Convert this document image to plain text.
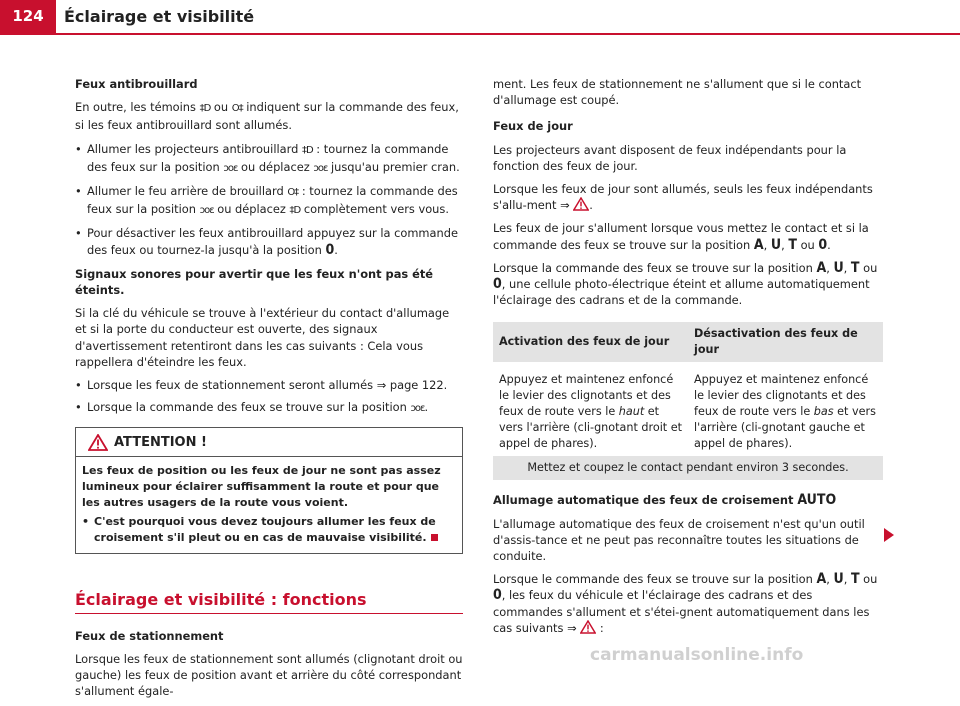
124	Éclairage et visibilité

Feux antibrouillard

En outre, les témoins ‡D ou O‡ indiquent sur la commande des feux, si les feux antibrouillard sont allumés.

• Allumer les projecteurs antibrouillard ‡D : tournez la commande des feux sur la position ɔoɛ ou déplacez ɔoɛ jusqu'au premier cran.
• Allumer le feu arrière de brouillard O‡ : tournez la commande des feux sur la position ɔoɛ ou déplacez ‡D complètement vers vous.
• Pour désactiver les feux antibrouillard appuyez sur la commande des feux ou tournez-la jusqu'à la position 0.

Signaux sonores pour avertir que les feux n'ont pas été éteints.

Si la clé du véhicule se trouve à l'extérieur du contact d'allumage et si la porte du conducteur est ouverte, des signaux d'avertissement retentiront dans les cas suivants : Cela vous rappellera d'éteindre les feux.

• Lorsque les feux de stationnement seront allumés ⇒ page 122.
• Lorsque la commande des feux se trouve sur la position ɔoɛ.
ATTENTION !

Les feux de position ou les feux de jour ne sont pas assez lumineux pour éclairer suffisamment la route et pour que les autres usagers de la route vous voient.

• C'est pourquoi vous devez toujours allumer les feux de croisement s'il pleut ou en cas de mauvaise visibilité.

Éclairage et visibilité : fonctions

Feux de stationnement

Lorsque les feux de stationnement sont allumés (clignotant droit ou gauche) les feux de position avant et arrière du côté correspondant s'allument égale-

ment. Les feux de stationnement ne s'allument que si le contact d'allumage est coupé.

Feux de jour

Les projecteurs avant disposent de feux indépendants pour la fonction des feux de jour.

Lorsque les feux de jour sont allumés, seuls les feux indépendants s'allu-ment ⇒ .

Les feux de jour s'allument lorsque vous mettez le contact et si la commande des feux se trouve sur la position A, U, T ou 0.

Lorsque la commande des feux se trouve sur la position A, U, T ou 0, une cellule photo-électrique éteint et allume automatiquement l'éclairage des cadrans et de la commande.

Activation des feux de jour	Désactivation des feux de jour
Appuyez et maintenez enfoncé le levier des clignotants et des feux de route vers le haut et vers l'arrière (cli-gnotant droit et appel de phares).	Appuyez et maintenez enfoncé le levier des clignotants et des feux de route vers le bas et vers l'arrière (cli-gnotant gauche et appel de phares).
Mettez et coupez le contact pendant environ 3 secondes.	

Allumage automatique des feux de croisement AUTO

L'allumage automatique des feux de croisement n'est qu'un outil d'assis-tance et ne peut pas reconnaître toutes les situations de conduite.

Lorsque le commande des feux se trouve sur la position A, U, T ou 0, les feux du véhicule et l'éclairage des cadrans et des commandes s'allument et s'étei-gnent automatiquement dans les cas suivants ⇒ :

carmanualsonline.info
